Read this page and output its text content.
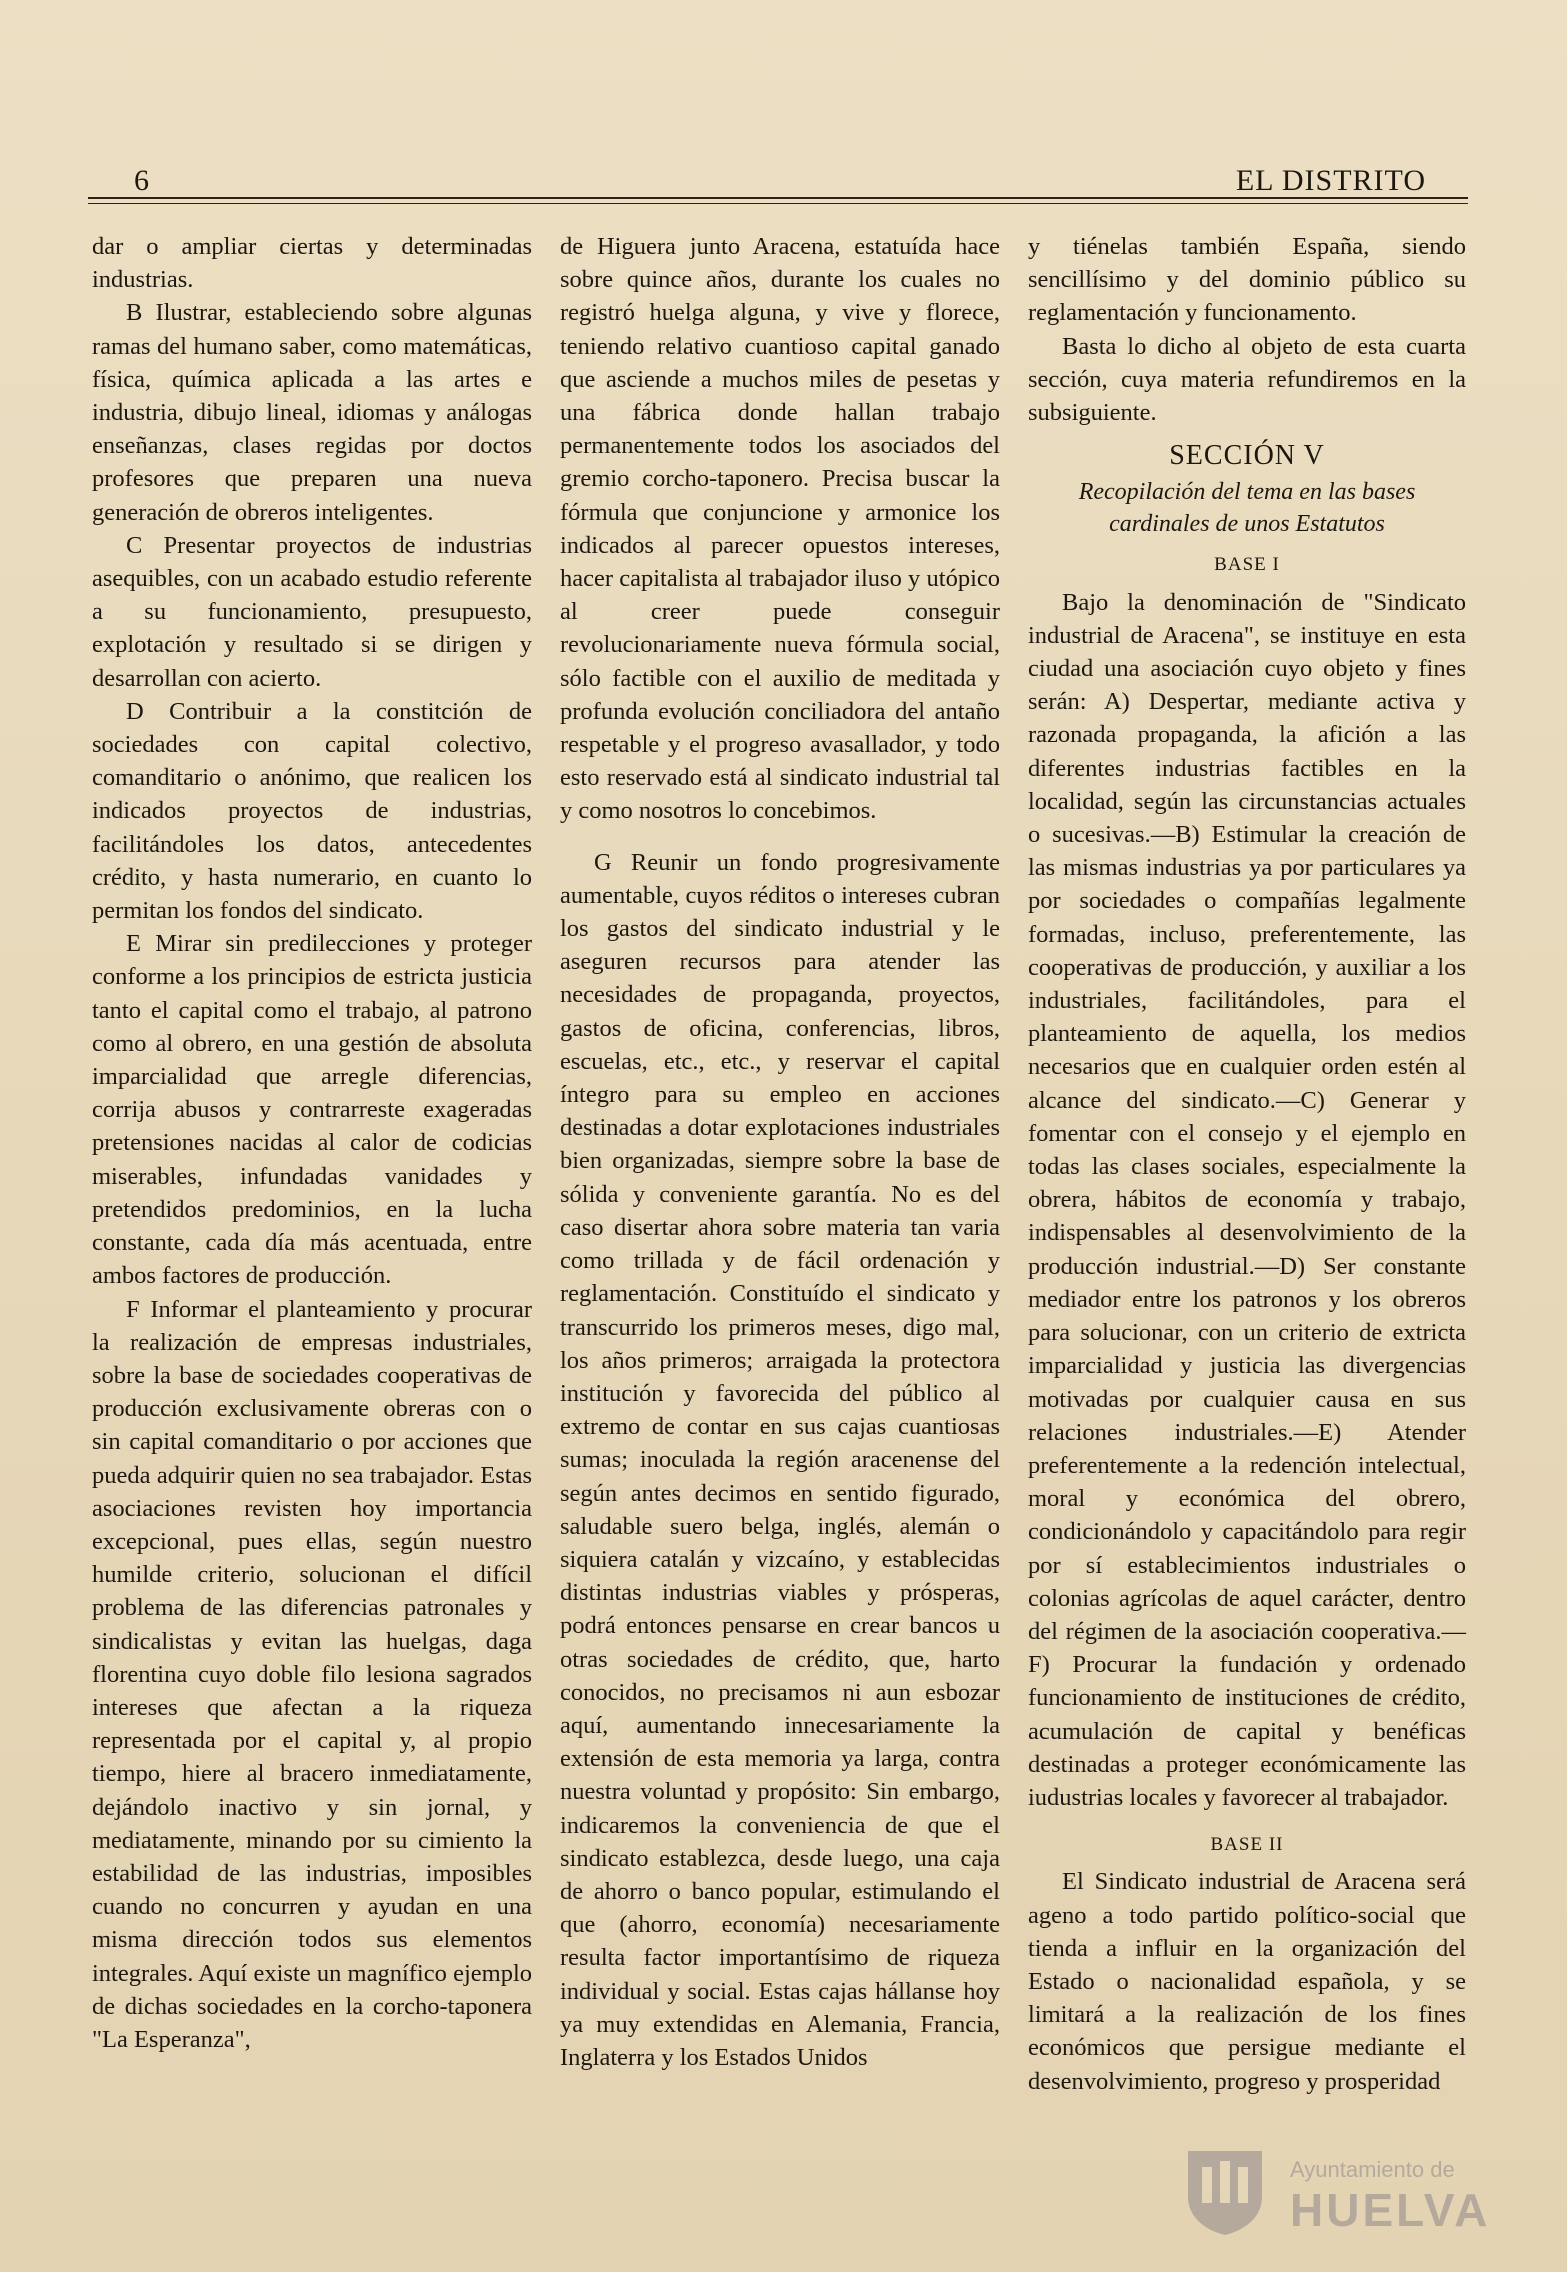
6	EL DISTRITO

dar o ampliar ciertas y determinadas industrias.

B Ilustrar, estableciendo sobre algunas ramas del humano saber, como matemáticas, física, química aplicada a las artes e industria, dibujo lineal, idiomas y análogas enseñanzas, clases regidas por doctos profesores que preparen una nueva generación de obreros inteligentes.

C Presentar proyectos de industrias asequibles, con un acabado estudio referente a su funcionamiento, presupuesto, explotación y resultado si se dirigen y desarrollan con acierto.

D Contribuir a la constitción de sociedades con capital colectivo, comanditario o anónimo, que realicen los indicados proyectos de industrias, facilitándoles los datos, antecedentes crédito, y hasta numerario, en cuanto lo permitan los fondos del sindicato.

E Mirar sin predilecciones y proteger conforme a los principios de estricta justicia tanto el capital como el trabajo, al patrono como al obrero, en una gestión de absoluta imparcialidad que arregle diferencias, corrija abusos y contrarreste exageradas pretensiones nacidas al calor de codicias miserables, infundadas vanidades y pretendidos predominios, en la lucha constante, cada día más acentuada, entre ambos factores de producción.

F Informar el planteamiento y procurar la realización de empresas industriales, sobre la base de sociedades cooperativas de producción exclusivamente obreras con o sin capital comanditario o por acciones que pueda adquirir quien no sea trabajador. Estas asociaciones revisten hoy importancia excepcional, pues ellas, según nuestro humilde criterio, solucionan el difícil problema de las diferencias patronales y sindicalistas y evitan las huelgas, daga florentina cuyo doble filo lesiona sagrados intereses que afectan a la riqueza representada por el capital y, al propio tiempo, hiere al bracero inmediatamente, dejándolo inactivo y sin jornal, y mediatamente, minando por su cimiento la estabilidad de las industrias, imposibles cuando no concurren y ayudan en una misma dirección todos sus elementos integrales. Aquí existe un magnífico ejemplo de dichas sociedades en la corcho-taponera "La Esperanza",

de Higuera junto Aracena, estatuída hace sobre quince años, durante los cuales no registró huelga alguna, y vive y florece, teniendo relativo cuantioso capital ganado que asciende a muchos miles de pesetas y una fábrica donde hallan trabajo permanentemente todos los asociados del gremio corcho-taponero. Precisa buscar la fórmula que conjuncione y armonice los indicados al parecer opuestos intereses, hacer capitalista al trabajador iluso y utópico al creer puede conseguir revolucionariamente nueva fórmula social, sólo factible con el auxilio de meditada y profunda evolución conciliadora del antaño respetable y el progreso avasallador, y todo esto reservado está al sindicato industrial tal y como nosotros lo concebimos.

G Reunir un fondo progresivamente aumentable, cuyos réditos o intereses cubran los gastos del sindicato industrial y le aseguren recursos para atender las necesidades de propaganda, proyectos, gastos de oficina, conferencias, libros, escuelas, etc., etc., y reservar el capital íntegro para su empleo en acciones destinadas a dotar explotaciones industriales bien organizadas, siempre sobre la base de sólida y conveniente garantía. No es del caso disertar ahora sobre materia tan varia como trillada y de fácil ordenación y reglamentación. Constituído el sindicato y transcurrido los primeros meses, digo mal, los años primeros; arraigada la protectora institución y favorecida del público al extremo de contar en sus cajas cuantiosas sumas; inoculada la región aracenense del según antes decimos en sentido figurado, saludable suero belga, inglés, alemán o siquiera catalán y vizcaíno, y establecidas distintas industrias viables y prósperas, podrá entonces pensarse en crear bancos u otras sociedades de crédito, que, harto conocidos, no precisamos ni aun esbozar aquí, aumentando innecesariamente la extensión de esta memoria ya larga, contra nuestra voluntad y propósito: Sin embargo, indicaremos la conveniencia de que el sindicato establezca, desde luego, una caja de ahorro o banco popular, estimulando el que (ahorro, economía) necesariamente resulta factor importantísimo de riqueza individual y social. Estas cajas hállanse hoy ya muy extendidas en Alemania, Francia, Inglaterra y los Estados Unidos

y tiénelas también España, siendo sencillísimo y del dominio público su reglamentación y funcionamento.

Basta lo dicho al objeto de esta cuarta sección, cuya materia refundiremos en la subsiguiente.

SECCIÓN V
Recopilación del tema en las bases cardinales de unos Estatutos
BASE I

Bajo la denominación de "Sindicato industrial de Aracena", se instituye en esta ciudad una asociación cuyo objeto y fines serán: A) Despertar, mediante activa y razonada propaganda, la afición a las diferentes industrias factibles en la localidad, según las circunstancias actuales o sucesivas.—B) Estimular la creación de las mismas industrias ya por particulares ya por sociedades o compañías legalmente formadas, incluso, preferentemente, las cooperativas de producción, y auxiliar a los industriales, facilitándoles, para el planteamiento de aquella, los medios necesarios que en cualquier orden estén al alcance del sindicato.—C) Generar y fomentar con el consejo y el ejemplo en todas las clases sociales, especialmente la obrera, hábitos de economía y trabajo, indispensables al desenvolvimiento de la producción industrial.—D) Ser constante mediador entre los patronos y los obreros para solucionar, con un criterio de extricta imparcialidad y justicia las divergencias motivadas por cualquier causa en sus relaciones industriales.—E) Atender preferentemente a la redención intelectual, moral y económica del obrero, condicionándolo y capacitándolo para regir por sí establecimientos industriales o colonias agrícolas de aquel carácter, dentro del régimen de la asociación cooperativa.—F) Procurar la fundación y ordenado funcionamiento de instituciones de crédito, acumulación de capital y benéficas destinadas a proteger económicamente las iudustrias locales y favorecer al trabajador.

BASE II

El Sindicato industrial de Aracena será ageno a todo partido político-social que tienda a influir en la organización del Estado o nacionalidad española, y se limitará a la realización de los fines económicos que persigue mediante el desenvolvimiento, progreso y prosperidad

Ayuntamiento de
HUELVA
